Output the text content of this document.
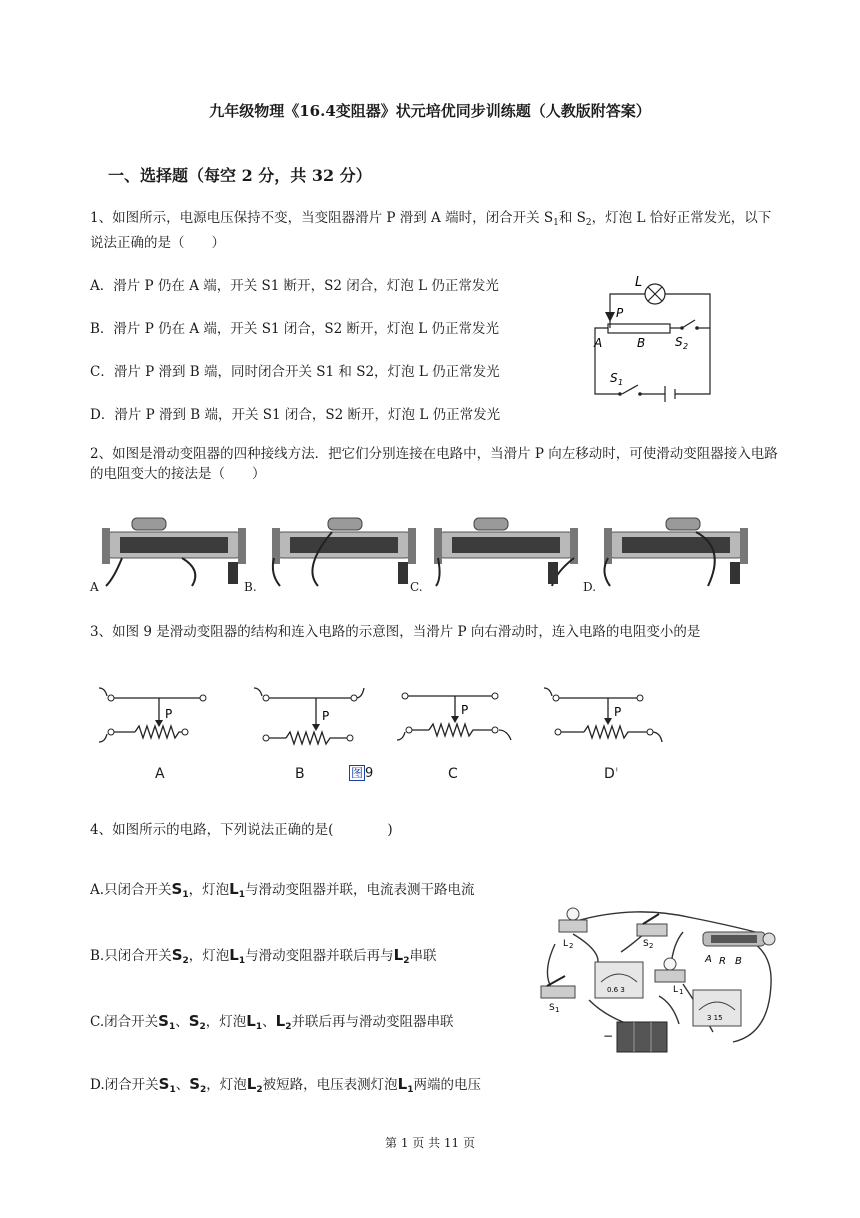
九年级物理《16.4变阻器》状元培优同步训练题（人教版附答案）
一、选择题（每空 2 分，共 32 分）
1、如图所示，电源电压保持不变，当变阻器滑片 P 滑到 A 端时，闭合开关 $S_1$和 $S_2$，灯泡 L 恰好正常发光，以下说法正确的是（　　）
A．滑片 P 仍在 A 端，开关 S1 断开，S2 闭合，灯泡 L 仍正常发光
B．滑片 P 仍在 A 端，开关 S1 闭合，S2 断开，灯泡 L 仍正常发光
C．滑片 P 滑到 B 端，同时闭合开关 S1 和 S2，灯泡 L 仍正常发光
D．滑片 P 滑到 B 端，开关 S1 闭合，S2 断开，灯泡 L 仍正常发光
L
P
A	B S 2
S 1
2、如图是滑动变阻器的四种接线方法．把它们分别连接在电路中，当滑片 P 向左移动时，可使滑动变阻器接入电路的电阻变大的接法是（　　）
A	B.	C.	D.
3、如图 9 是滑动变阻器的结构和连入电路的示意图，当滑片 P 向右滑动时，连入电路的电阻变小的是
P	P	P	P
A	B	图 9	C	D'
4、如图所示的电路，下列说法正确的是(　　　　)
A.只闭合开关$S_1$，灯泡$L_1$与滑动变阻器并联，电流表测干路电流
B.只闭合开关$S_2$，灯泡$L_1$与滑动变阻器并联后再与$L_2$串联
C.闭合开关$S_1$、$S_2$，灯泡$L_1$、$L_2$并联后再与滑动变阻器串联
D.闭合开关$S_1$、$S_2$，灯泡$L_2$被短路，电压表测灯泡$L_1$两端的电压
L 2	S 2
S 1
L 1
A R B
0.6 3
3 15
−
第 1 页 共 11 页
